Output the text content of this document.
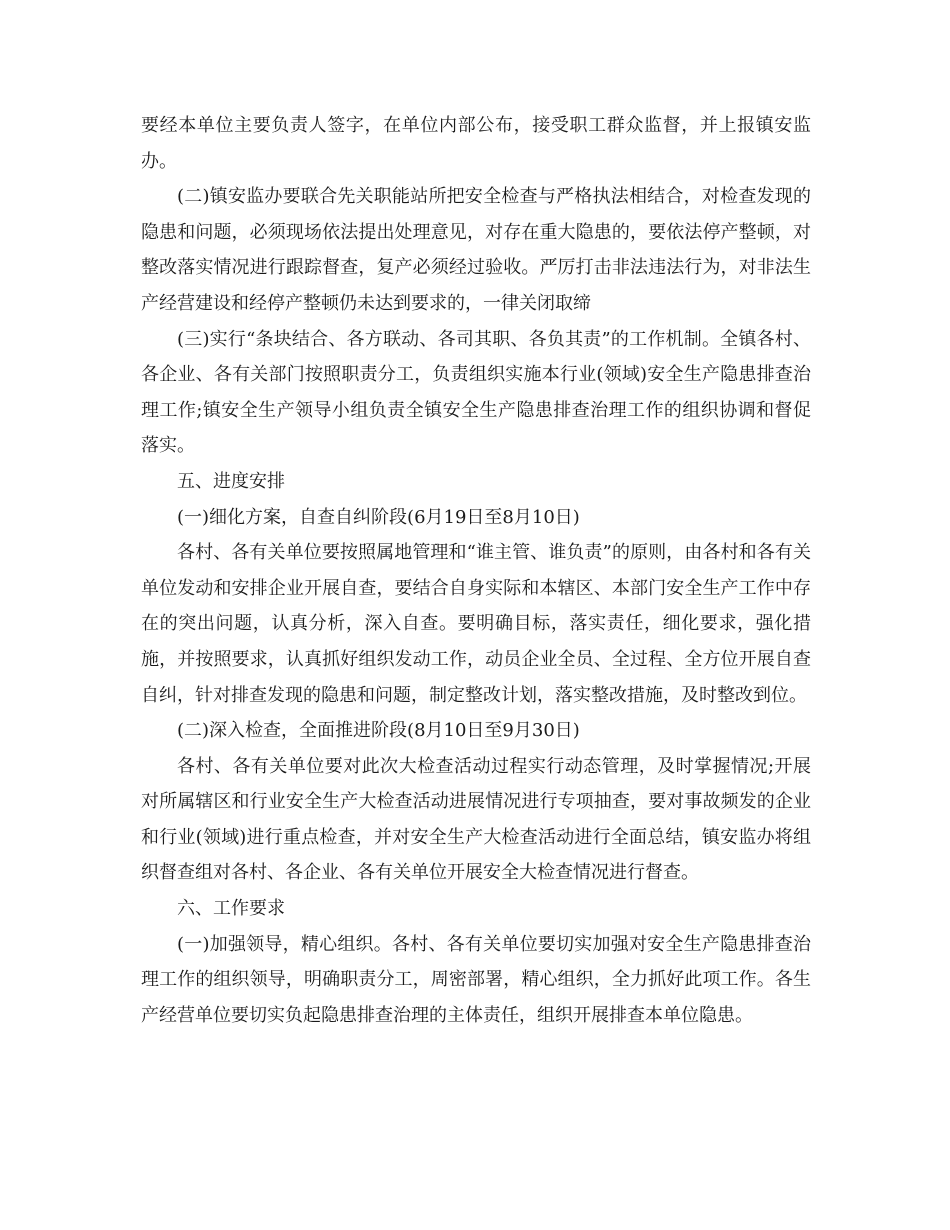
要经本单位主要负责人签字，在单位内部公布，接受职工群众监督，并上报镇安监办。

(二)镇安监办要联合先关职能站所把安全检查与严格执法相结合，对检查发现的隐患和问题，必须现场依法提出处理意见，对存在重大隐患的，要依法停产整顿，对整改落实情况进行跟踪督查，复产必须经过验收。严厉打击非法违法行为，对非法生产经营建设和经停产整顿仍未达到要求的，一律关闭取缔

(三)实行“条块结合、各方联动、各司其职、各负其责”的工作机制。全镇各村、各企业、各有关部门按照职责分工，负责组织实施本行业(领域)安全生产隐患排查治理工作;镇安全生产领导小组负责全镇安全生产隐患排查治理工作的组织协调和督促落实。

五、进度安排

(一)细化方案，自查自纠阶段(6月19日至8月10日)

各村、各有关单位要按照属地管理和“谁主管、谁负责”的原则，由各村和各有关单位发动和安排企业开展自查，要结合自身实际和本辖区、本部门安全生产工作中存在的突出问题，认真分析，深入自查。要明确目标，落实责任，细化要求，强化措施，并按照要求，认真抓好组织发动工作，动员企业全员、全过程、全方位开展自查自纠，针对排查发现的隐患和问题，制定整改计划，落实整改措施，及时整改到位。

(二)深入检查，全面推进阶段(8月10日至9月30日)

各村、各有关单位要对此次大检查活动过程实行动态管理，及时掌握情况;开展对所属辖区和行业安全生产大检查活动进展情况进行专项抽查，要对事故频发的企业和行业(领域)进行重点检查，并对安全生产大检查活动进行全面总结，镇安监办将组织督查组对各村、各企业、各有关单位开展安全大检查情况进行督查。

六、工作要求

(一)加强领导，精心组织。各村、各有关单位要切实加强对安全生产隐患排查治理工作的组织领导，明确职责分工，周密部署，精心组织，全力抓好此项工作。各生产经营单位要切实负起隐患排查治理的主体责任，组织开展排查本单位隐患。
